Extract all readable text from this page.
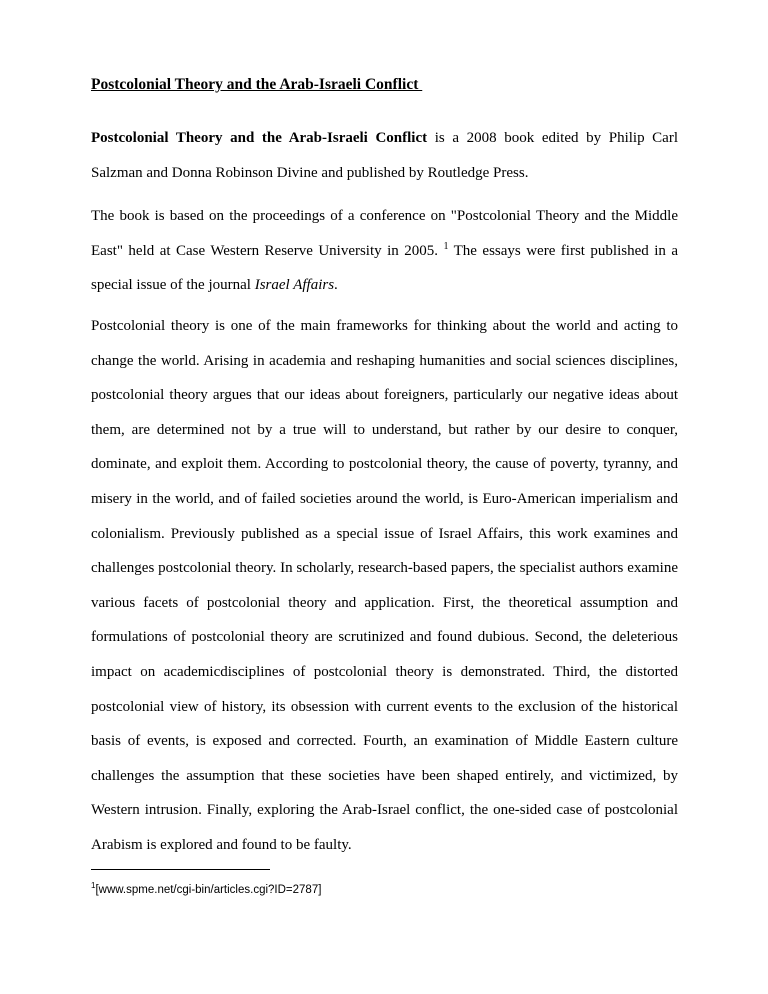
Postcolonial Theory and the Arab-Israeli Conflict

Postcolonial Theory and the Arab-Israeli Conflict is a 2008 book edited by Philip Carl Salzman and Donna Robinson Divine and published by Routledge Press.

The book is based on the proceedings of a conference on "Postcolonial Theory and the Middle East" held at Case Western Reserve University in 2005. $^1$ The essays were first published in a special issue of the journal Israel Affairs.

Postcolonial theory is one of the main frameworks for thinking about the world and acting to change the world. Arising in academia and reshaping humanities and social sciences disciplines, postcolonial theory argues that our ideas about foreigners, particularly our negative ideas about them, are determined not by a true will to understand, but rather by our desire to conquer, dominate, and exploit them. According to postcolonial theory, the cause of poverty, tyranny, and misery in the world, and of failed societies around the world, is Euro-American imperialism and colonialism. Previously published as a special issue of Israel Affairs, this work examines and challenges postcolonial theory. In scholarly, research-based papers, the specialist authors examine various facets of postcolonial theory and application. First, the theoretical assumption and formulations of postcolonial theory are scrutinized and found dubious. Second, the deleterious impact on academicdisciplines of postcolonial theory is demonstrated. Third, the distorted postcolonial view of history, its obsession with current events to the exclusion of the historical basis of events, is exposed and corrected. Fourth, an examination of Middle Eastern culture challenges the assumption that these societies have been shaped entirely, and victimized, by Western intrusion. Finally, exploring the Arab-Israel conflict, the one-sided case of postcolonial Arabism is explored and found to be faulty.

$^1$[www.spme.net/cgi-bin/articles.cgi?ID=2787]
